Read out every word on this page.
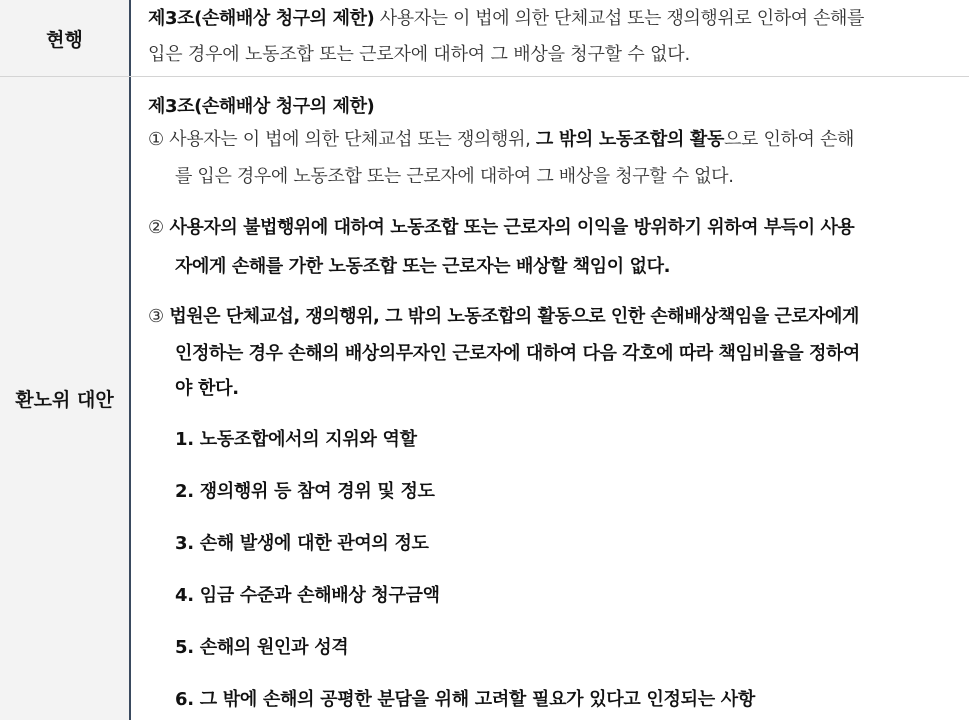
현행
제3조(손해배상 청구의 제한) 사용자는 이 법에 의한 단체교섭 또는 쟁의행위로 인하여 손해를
입은 경우에 노동조합 또는 근로자에 대하여 그 배상을 청구할 수 없다.
환노위 대안
제3조(손해배상 청구의 제한)
① 사용자는 이 법에 의한 단체교섭 또는 쟁의행위, 그 밖의 노동조합의 활동으로 인하여 손해
를 입은 경우에 노동조합 또는 근로자에 대하여 그 배상을 청구할 수 없다.
② 사용자의 불법행위에 대하여 노동조합 또는 근로자의 이익을 방위하기 위하여 부득이 사용
자에게 손해를 가한 노동조합 또는 근로자는 배상할 책임이 없다.
③ 법원은 단체교섭, 쟁의행위, 그 밖의 노동조합의 활동으로 인한 손해배상책임을 근로자에게
인정하는 경우 손해의 배상의무자인 근로자에 대하여 다음 각호에 따라 책임비율을 정하여
야 한다.
1. 노동조합에서의 지위와 역할
2. 쟁의행위 등 참여 경위 및 정도
3. 손해 발생에 대한 관여의 정도
4. 임금 수준과 손해배상 청구금액
5. 손해의 원인과 성격
6. 그 밖에 손해의 공평한 분담을 위해 고려할 필요가 있다고 인정되는 사항
